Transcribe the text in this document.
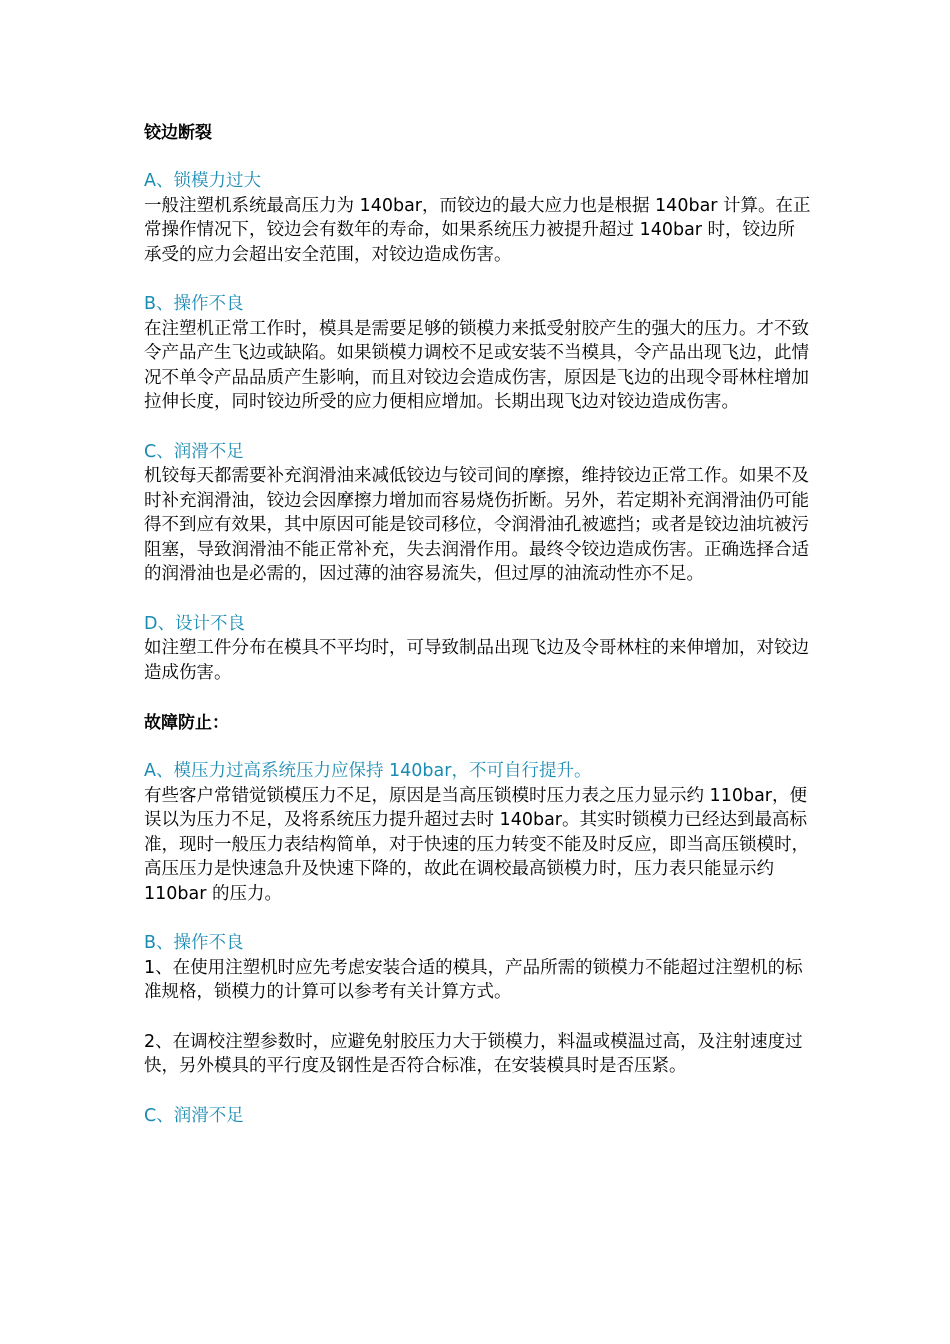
铰边断裂
A、锁模力过大
一般注塑机系统最高压力为 140bar，而铰边的最大应力也是根据 140bar 计算。在正常操作情况下，铰边会有数年的寿命，如果系统压力被提升超过 140bar 时，铰边所承受的应力会超出安全范围，对铰边造成伤害。
B、操作不良
在注塑机正常工作时，模具是需要足够的锁模力来抵受射胶产生的强大的压力。才不致令产品产生飞边或缺陷。如果锁模力调校不足或安装不当模具，令产品出现飞边，此情况不单令产品品质产生影响，而且对铰边会造成伤害，原因是飞边的出现令哥林柱增加拉伸长度，同时铰边所受的应力便相应增加。长期出现飞边对铰边造成伤害。
C、润滑不足
机铰每天都需要补充润滑油来减低铰边与铰司间的摩擦，维持铰边正常工作。如果不及时补充润滑油，铰边会因摩擦力增加而容易烧伤折断。另外，若定期补充润滑油仍可能得不到应有效果，其中原因可能是铰司移位，令润滑油孔被遮挡；或者是铰边油坑被污阻塞，导致润滑油不能正常补充，失去润滑作用。最终令铰边造成伤害。正确选择合适的润滑油也是必需的，因过薄的油容易流失，但过厚的油流动性亦不足。
D、设计不良
如注塑工件分布在模具不平均时，可导致制品出现飞边及令哥林柱的来伸增加，对铰边造成伤害。
故障防止：
A、模压力过高系统压力应保持 140bar，不可自行提升。
有些客户常错觉锁模压力不足，原因是当高压锁模时压力表之压力显示约 110bar，便误以为压力不足，及将系统压力提升超过去时 140bar。其实时锁模力已经达到最高标准，现时一般压力表结构简单，对于快速的压力转变不能及时反应，即当高压锁模时，高压压力是快速急升及快速下降的，故此在调校最高锁模力时，压力表只能显示约 110bar 的压力。
B、操作不良
1、在使用注塑机时应先考虑安装合适的模具，产品所需的锁模力不能超过注塑机的标准规格，锁模力的计算可以参考有关计算方式。
2、在调校注塑参数时，应避免射胶压力大于锁模力，料温或模温过高，及注射速度过快，另外模具的平行度及钢性是否符合标准，在安装模具时是否压紧。
C、润滑不足
